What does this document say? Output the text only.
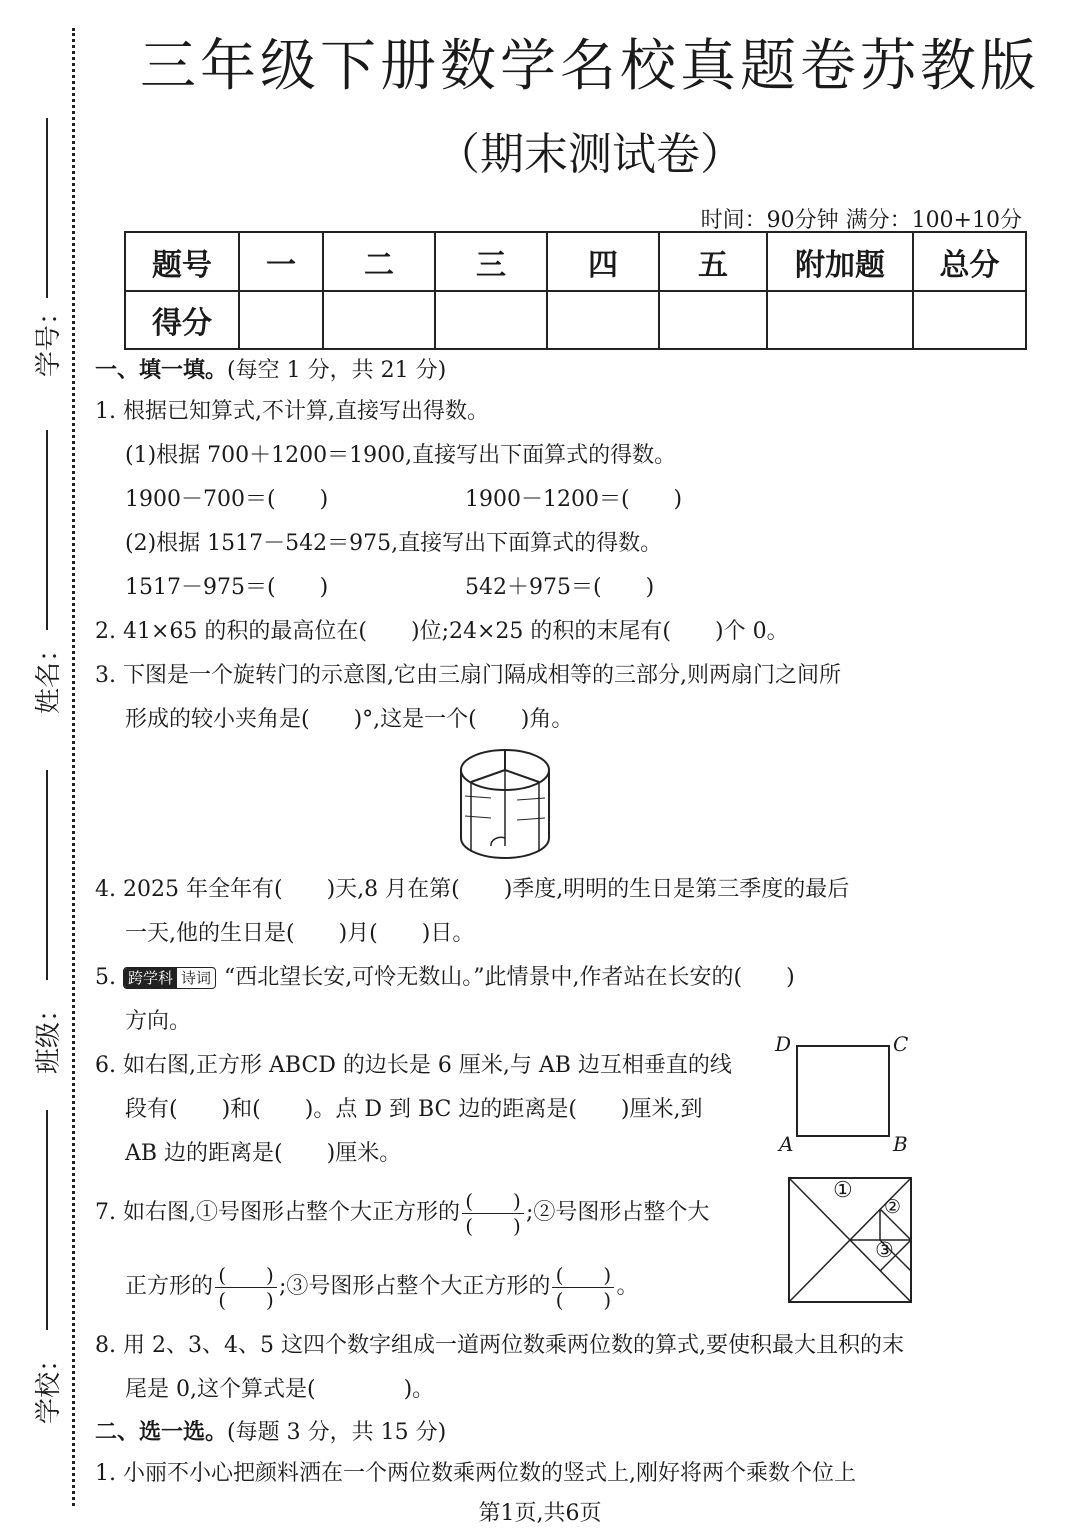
学号：
姓名：
班级：
学校：
三年级下册数学名校真题卷苏教版
（期末测试卷）
时间：90分钟 满分：100+10分
题号	一	二	三	四	五	附加题	总分
得分							
一、填一填。(每空 1 分，共 21 分)
1. 根据已知算式,不计算,直接写出得数。
(1)根据 700＋1200＝1900,直接写出下面算式的得数。
1900－700＝(　　)	1900－1200＝(　　)
(2)根据 1517－542＝975,直接写出下面算式的得数。
1517－975＝(　　)	542＋975＝(　　)
2. 41×65 的积的最高位在(　　)位;24×25 的积的末尾有(　　)个 0。
3. 下图是一个旋转门的示意图,它由三扇门隔成相等的三部分,则两扇门之间所
形成的较小夹角是(　　)°,这是一个(　　)角。
4. 2025 年全年有(　　)天,8 月在第(　　)季度,明明的生日是第三季度的最后
一天,他的生日是(　　)月(　　)日。
5. 跨学科 诗词 “西北望长安,可怜无数山。”此情景中,作者站在长安的(　　)
方向。
6. 如右图,正方形 ABCD 的边长是 6 厘米,与 AB 边互相垂直的线
段有(　　)和(　　)。点 D 到 BC 边的距离是(　　)厘米,到
AB 边的距离是(　　)厘米。
D	C
A	B
7. 如右图,①号图形占整个大正方形的 $\frac{( )}{( )}$ ;②号图形占整个大
正方形的 $\frac{( )}{( )}$ ;③号图形占整个大正方形的 $\frac{( )}{( )}$ 。
①
②
③
8. 用 2、3、4、5 这四个数字组成一道两位数乘两位数的算式,要使积最大且积的末
尾是 0,这个算式是(　　　　)。
二、选一选。(每题 3 分，共 15 分)
1. 小丽不小心把颜料洒在一个两位数乘两位数的竖式上,刚好将两个乘数个位上
第1页,共6页
